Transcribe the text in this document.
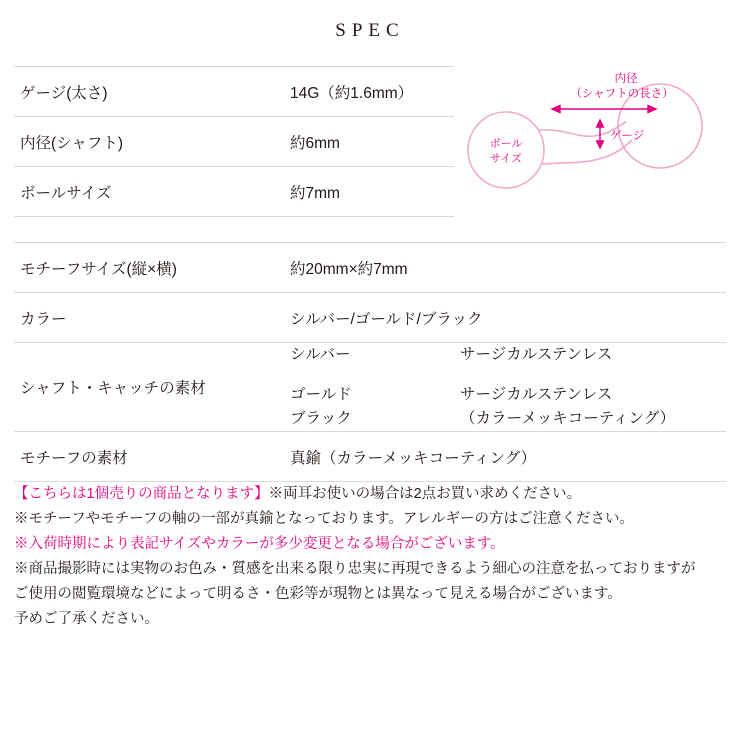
SPEC
ゲージ(太さ)	14G（約1.6mm）
内径(シャフト)	約6mm
ボールサイズ	約7mm
ボール
サイズ
内径
（シャフトの長さ）
ゲージ
モチーフサイズ(縦×横)	約20mm×約7mm
カラー	シルバー/ゴールド/ブラック
シャフト・キャッチの素材	
シルバー	サージカルステンレス
ゴールド	サージカルステンレス
ブラック	（カラーメッキコーティング）

モチーフの素材	真鍮（カラーメッキコーティング）
【こちらは1個売りの商品となります】※両耳お使いの場合は2点お買い求めください。
※モチーフやモチーフの軸の一部が真鍮となっております。アレルギーの方はご注意ください。
※入荷時期により表記サイズやカラーが多少変更となる場合がございます。
※商品撮影時には実物のお色み・質感を出来る限り忠実に再現できるよう細心の注意を払っておりますが
ご使用の閲覧環境などによって明るさ・色彩等が現物とは異なって見える場合がございます。
予めご了承ください。
